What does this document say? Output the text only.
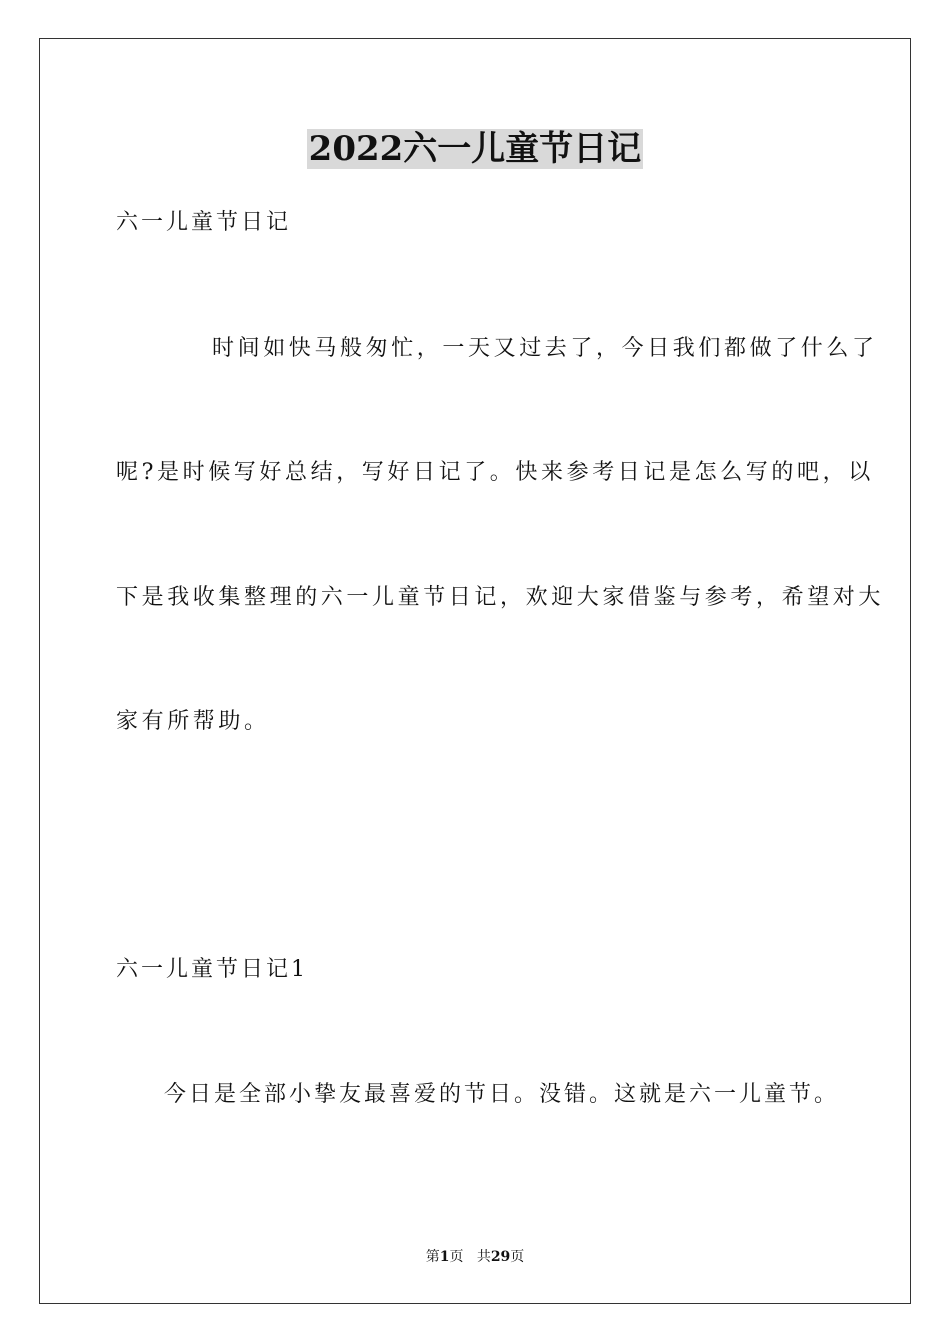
2022六一儿童节日记
六一儿童节日记
时间如快马般匆忙，一天又过去了，今日我们都做了什么了
呢?是时候写好总结，写好日记了。快来参考日记是怎么写的吧，以
下是我收集整理的六一儿童节日记，欢迎大家借鉴与参考，希望对大
家有所帮助。
六一儿童节日记1
今日是全部小挚友最喜爱的节日。没错。这就是六一儿童节。
第1页 共29页
